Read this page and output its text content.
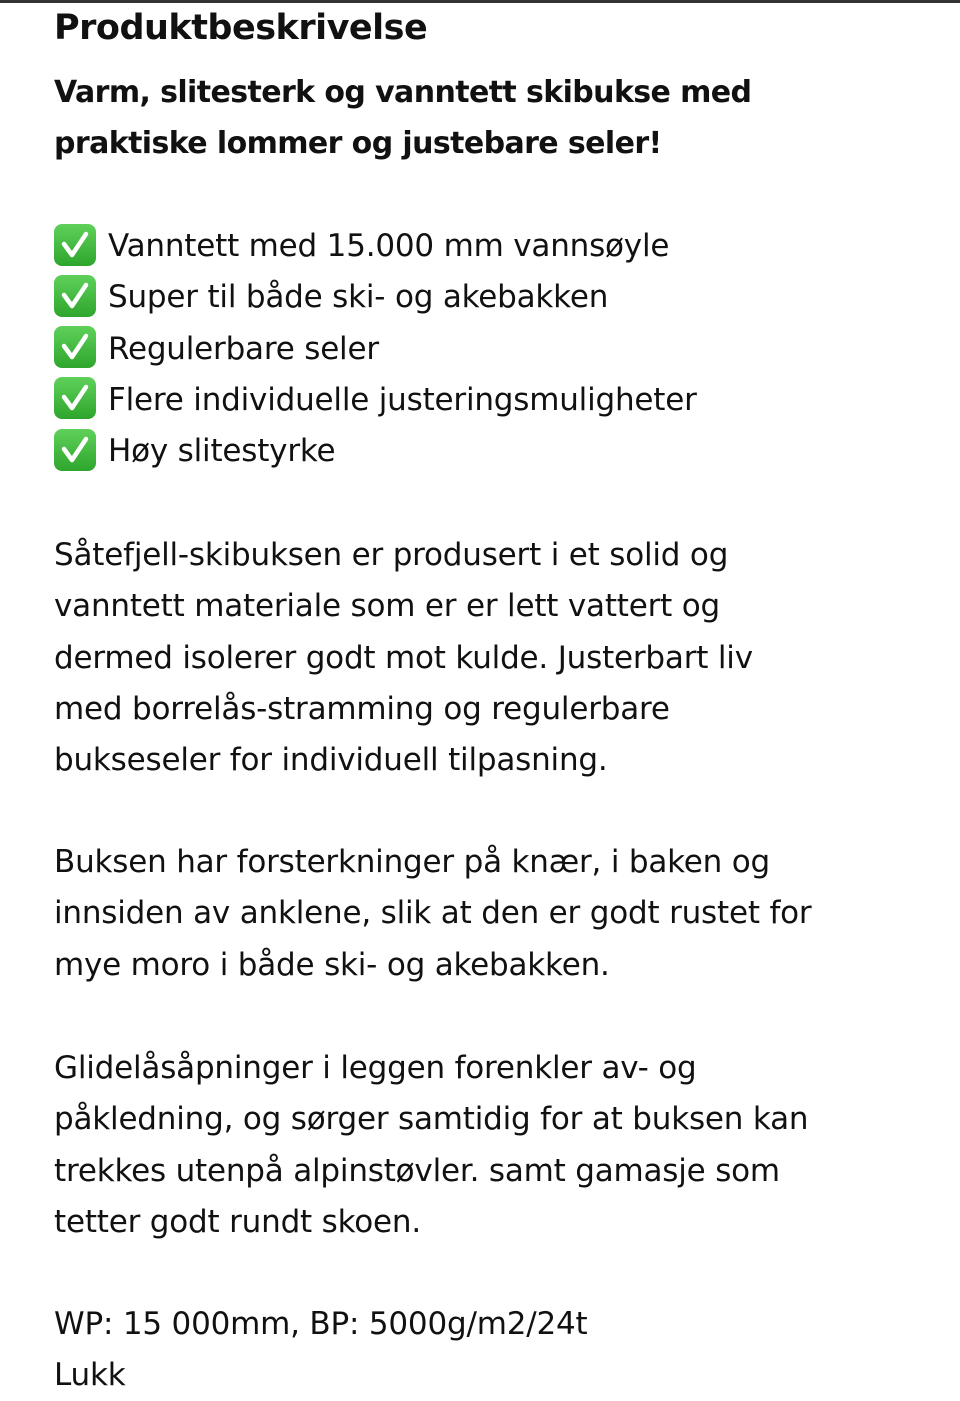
Produktbeskrivelse
Varm, slitesterk og vanntett skibukse med
praktiske lommer og justebare seler!
Vanntett med 15.000 mm vannsøyle
Super til både ski- og akebakken
Regulerbare seler
Flere individuelle justeringsmuligheter
Høy slitestyrke
Såtefjell-skibuksen er produsert i et solid og
vanntett materiale som er er lett vattert og
dermed isolerer godt mot kulde. Justerbart liv
med borrelås-stramming og regulerbare
bukseseler for individuell tilpasning.
Buksen har forsterkninger på knær, i baken og
innsiden av anklene, slik at den er godt rustet for
mye moro i både ski- og akebakken.
Glidelåsåpninger i leggen forenkler av- og
påkledning, og sørger samtidig for at buksen kan
trekkes utenpå alpinstøvler. samt gamasje som
tetter godt rundt skoen.
WP: 15 000mm, BP: 5000g/m2/24t
Lukk
